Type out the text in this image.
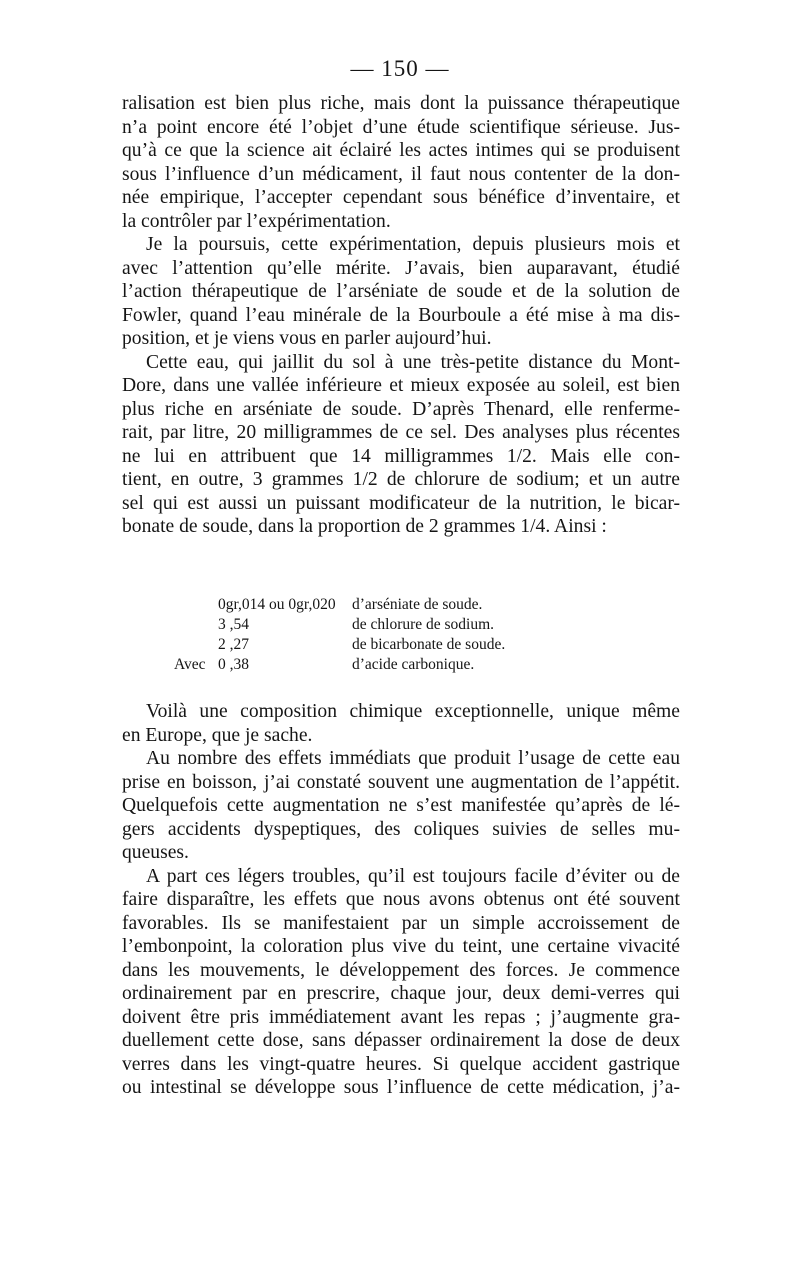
— 150 —
ralisation est bien plus riche, mais dont la puissance thérapeutique
n’a point encore été l’objet d’une étude scientifique sérieuse. Jus-
qu’à ce que la science ait éclairé les actes intimes qui se produisent
sous l’influence d’un médicament, il faut nous contenter de la don-
née empirique, l’accepter cependant sous bénéfice d’inventaire, et
la contrôler par l’expérimentation.
Je la poursuis, cette expérimentation, depuis plusieurs mois et
avec l’attention qu’elle mérite. J’avais, bien auparavant, étudié
l’action thérapeutique de l’arséniate de soude et de la solution de
Fowler, quand l’eau minérale de la Bourboule a été mise à ma dis-
position, et je viens vous en parler aujourd’hui.
Cette eau, qui jaillit du sol à une très-petite distance du Mont-
Dore, dans une vallée inférieure et mieux exposée au soleil, est bien
plus riche en arséniate de soude. D’après Thenard, elle renferme-
rait, par litre, 20 milligrammes de ce sel. Des analyses plus récentes
ne lui en attribuent que 14 milligrammes 1/2. Mais elle con-
tient, en outre, 3 grammes 1/2 de chlorure de sodium; et un autre
sel qui est aussi un puissant modificateur de la nutrition, le bicar-
bonate de soude, dans la proportion de 2 grammes 1/4. Ainsi :
0gr,014 ou 0gr,020 d’arséniate de soude.
3 ,54	de chlorure de sodium.
2 ,27	de bicarbonate de soude.
Avec 0 ,38	d’acide carbonique.
Voilà une composition chimique exceptionnelle, unique même
en Europe, que je sache.
Au nombre des effets immédiats que produit l’usage de cette eau
prise en boisson, j’ai constaté souvent une augmentation de l’appétit.
Quelquefois cette augmentation ne s’est manifestée qu’après de lé-
gers accidents dyspeptiques, des coliques suivies de selles mu-
queuses.
A part ces légers troubles, qu’il est toujours facile d’éviter ou de
faire disparaître, les effets que nous avons obtenus ont été souvent
favorables. Ils se manifestaient par un simple accroissement de
l’embonpoint, la coloration plus vive du teint, une certaine vivacité
dans les mouvements, le développement des forces. Je commence
ordinairement par en prescrire, chaque jour, deux demi-verres qui
doivent être pris immédiatement avant les repas ; j’augmente gra-
duellement cette dose, sans dépasser ordinairement la dose de deux
verres dans les vingt-quatre heures. Si quelque accident gastrique
ou intestinal se développe sous l’influence de cette médication, j’a-
